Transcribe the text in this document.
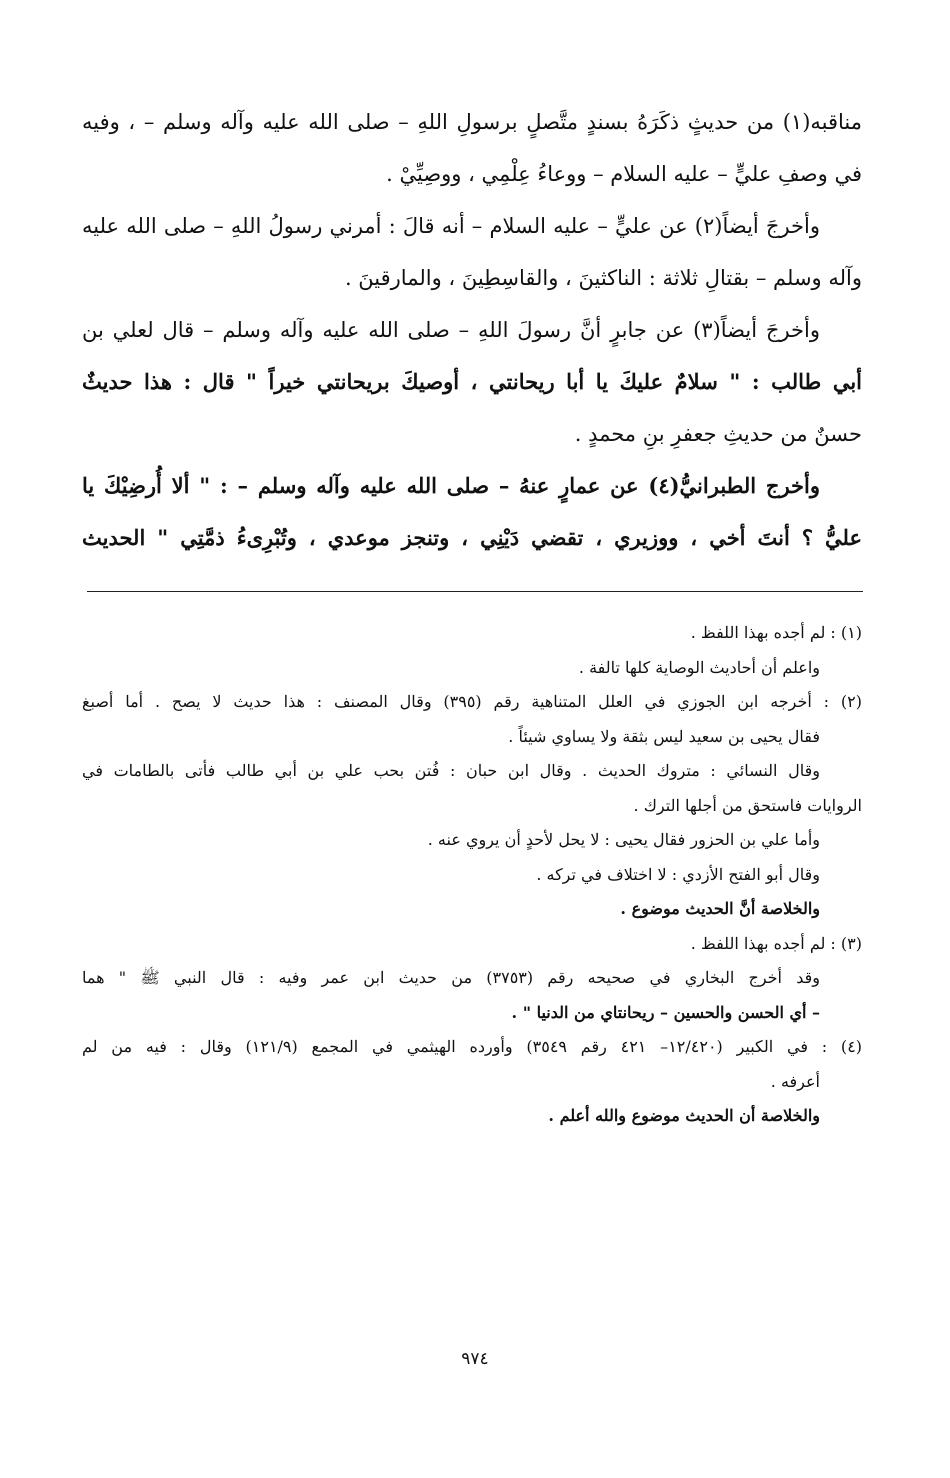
مناقبه(١) من حديثٍ ذكَرَهُ بسندٍ متَّصلٍ برسولِ اللهِ – صلى الله عليه وآله وسلم – ، وفيه
في وصفِ عليٍّ – عليه السلام – ووعاءُ عِلْمِي ، ووصِيِّيْ .
وأخرجَ أيضاً(٢) عن عليٍّ – عليه السلام – أنه قالَ : أمرني رسولُ اللهِ – صلى الله عليه
وآله وسلم – بقتالِ ثلاثة : الناكثينَ ، والقاسِطِينَ ، والمارقينَ .
وأخرجَ أيضاً(٣) عن جابرٍ أنَّ رسولَ اللهِ – صلى الله عليه وآله وسلم – قال لعلي بن
أبي طالب : " سلامٌ عليكَ يا أبا ريحانتي ، أوصيكَ بريحانتي خيراً " قال : هذا حديثٌ
حسنٌ من حديثِ جعفرِ بنِ محمدٍ .
وأخرج الطبرانيُّ(٤) عن عمارٍ عنهُ – صلى الله عليه وآله وسلم – : " ألا أُرضِيْكَ يا
عليُّ ؟ أنتَ أخي ، ووزيري ، تقضي دَيْنِي ، وتنجز موعدي ، وتُبْرِىءُ ذمَّتِي " الحديث
(١) : لم أجده بهذا اللفظ .
واعلم أن أحاديث الوصاية كلها تالفة .
(٢) : أخرجه ابن الجوزي في العلل المتناهية رقم (٣٩٥) وقال المصنف : هذا حديث لا يصح . أما أصبغ
فقال يحيى بن سعيد ليس بثقة ولا يساوي شيئاً .
وقال النسائي : متروك الحديث . وقال ابن حبان : فُتن بحب علي بن أبي طالب فأتى بالطامات في
الروايات فاستحق من أجلها الترك .
وأما علي بن الحزور فقال يحيى : لا يحل لأحدٍ أن يروي عنه .
وقال أبو الفتح الأزدي : لا اختلاف في تركه .
والخلاصة أنَّ الحديث موضوع .
(٣) : لم أجده بهذا اللفظ .
وقد أخرج البخاري في صحيحه رقم (٣٧٥٣) من حديث ابن عمر وفيه : قال النبي ﷺ " هما
– أي الحسن والحسين – ريحانتاي من الدنيا " .
(٤) : في الكبير (١٢/٤٢٠– ٤٢١ رقم ٣٥٤٩) وأورده الهيثمي في المجمع (١٢١/٩) وقال : فيه من لم
أعرفه .
والخلاصة أن الحديث موضوع والله أعلم .
٩٧٤
